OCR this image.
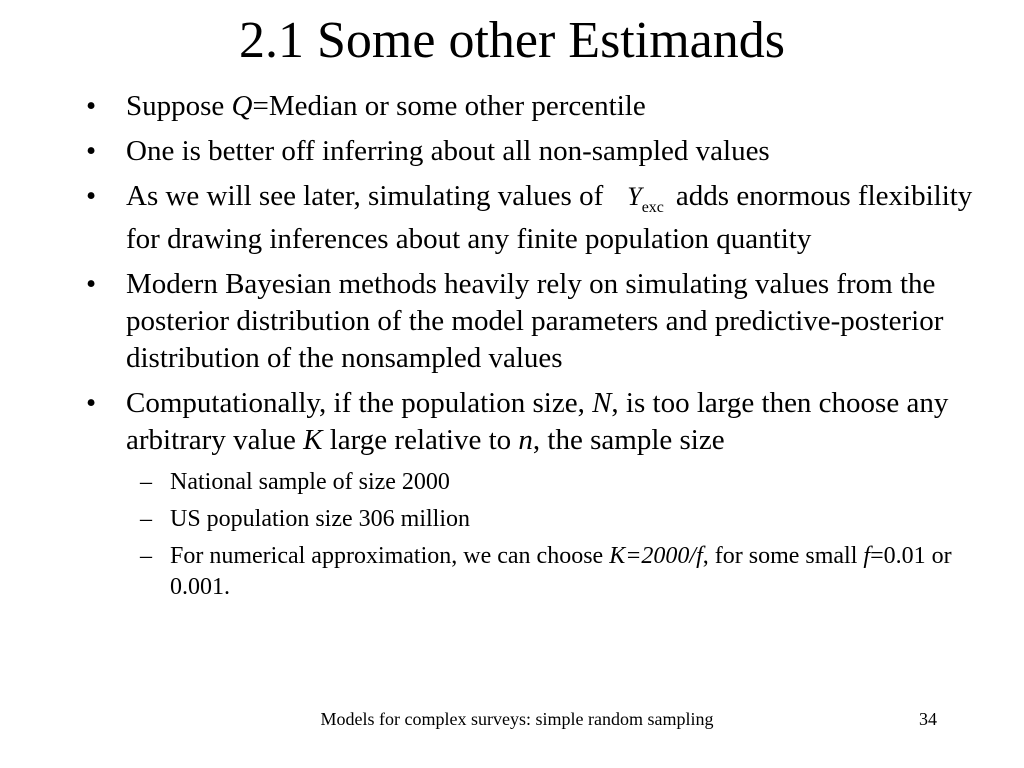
2.1 Some other Estimands
• Suppose Q=Median or some other percentile
• One is better off inferring about all non-sampled values
• As we will see later, simulating values of $Y_{exc}$ adds enormous flexibility for drawing inferences about any finite population quantity
• Modern Bayesian methods heavily rely on simulating values from the posterior distribution of the model parameters and predictive-posterior distribution of the nonsampled values
• Computationally, if the population size, N, is too large then choose any arbitrary value K large relative to n, the sample size
– National sample of size 2000
– US population size 306 million
– For numerical approximation, we can choose K=2000/f, for some small f=0.01 or 0.001.
Models for complex surveys: simple random sampling	34
